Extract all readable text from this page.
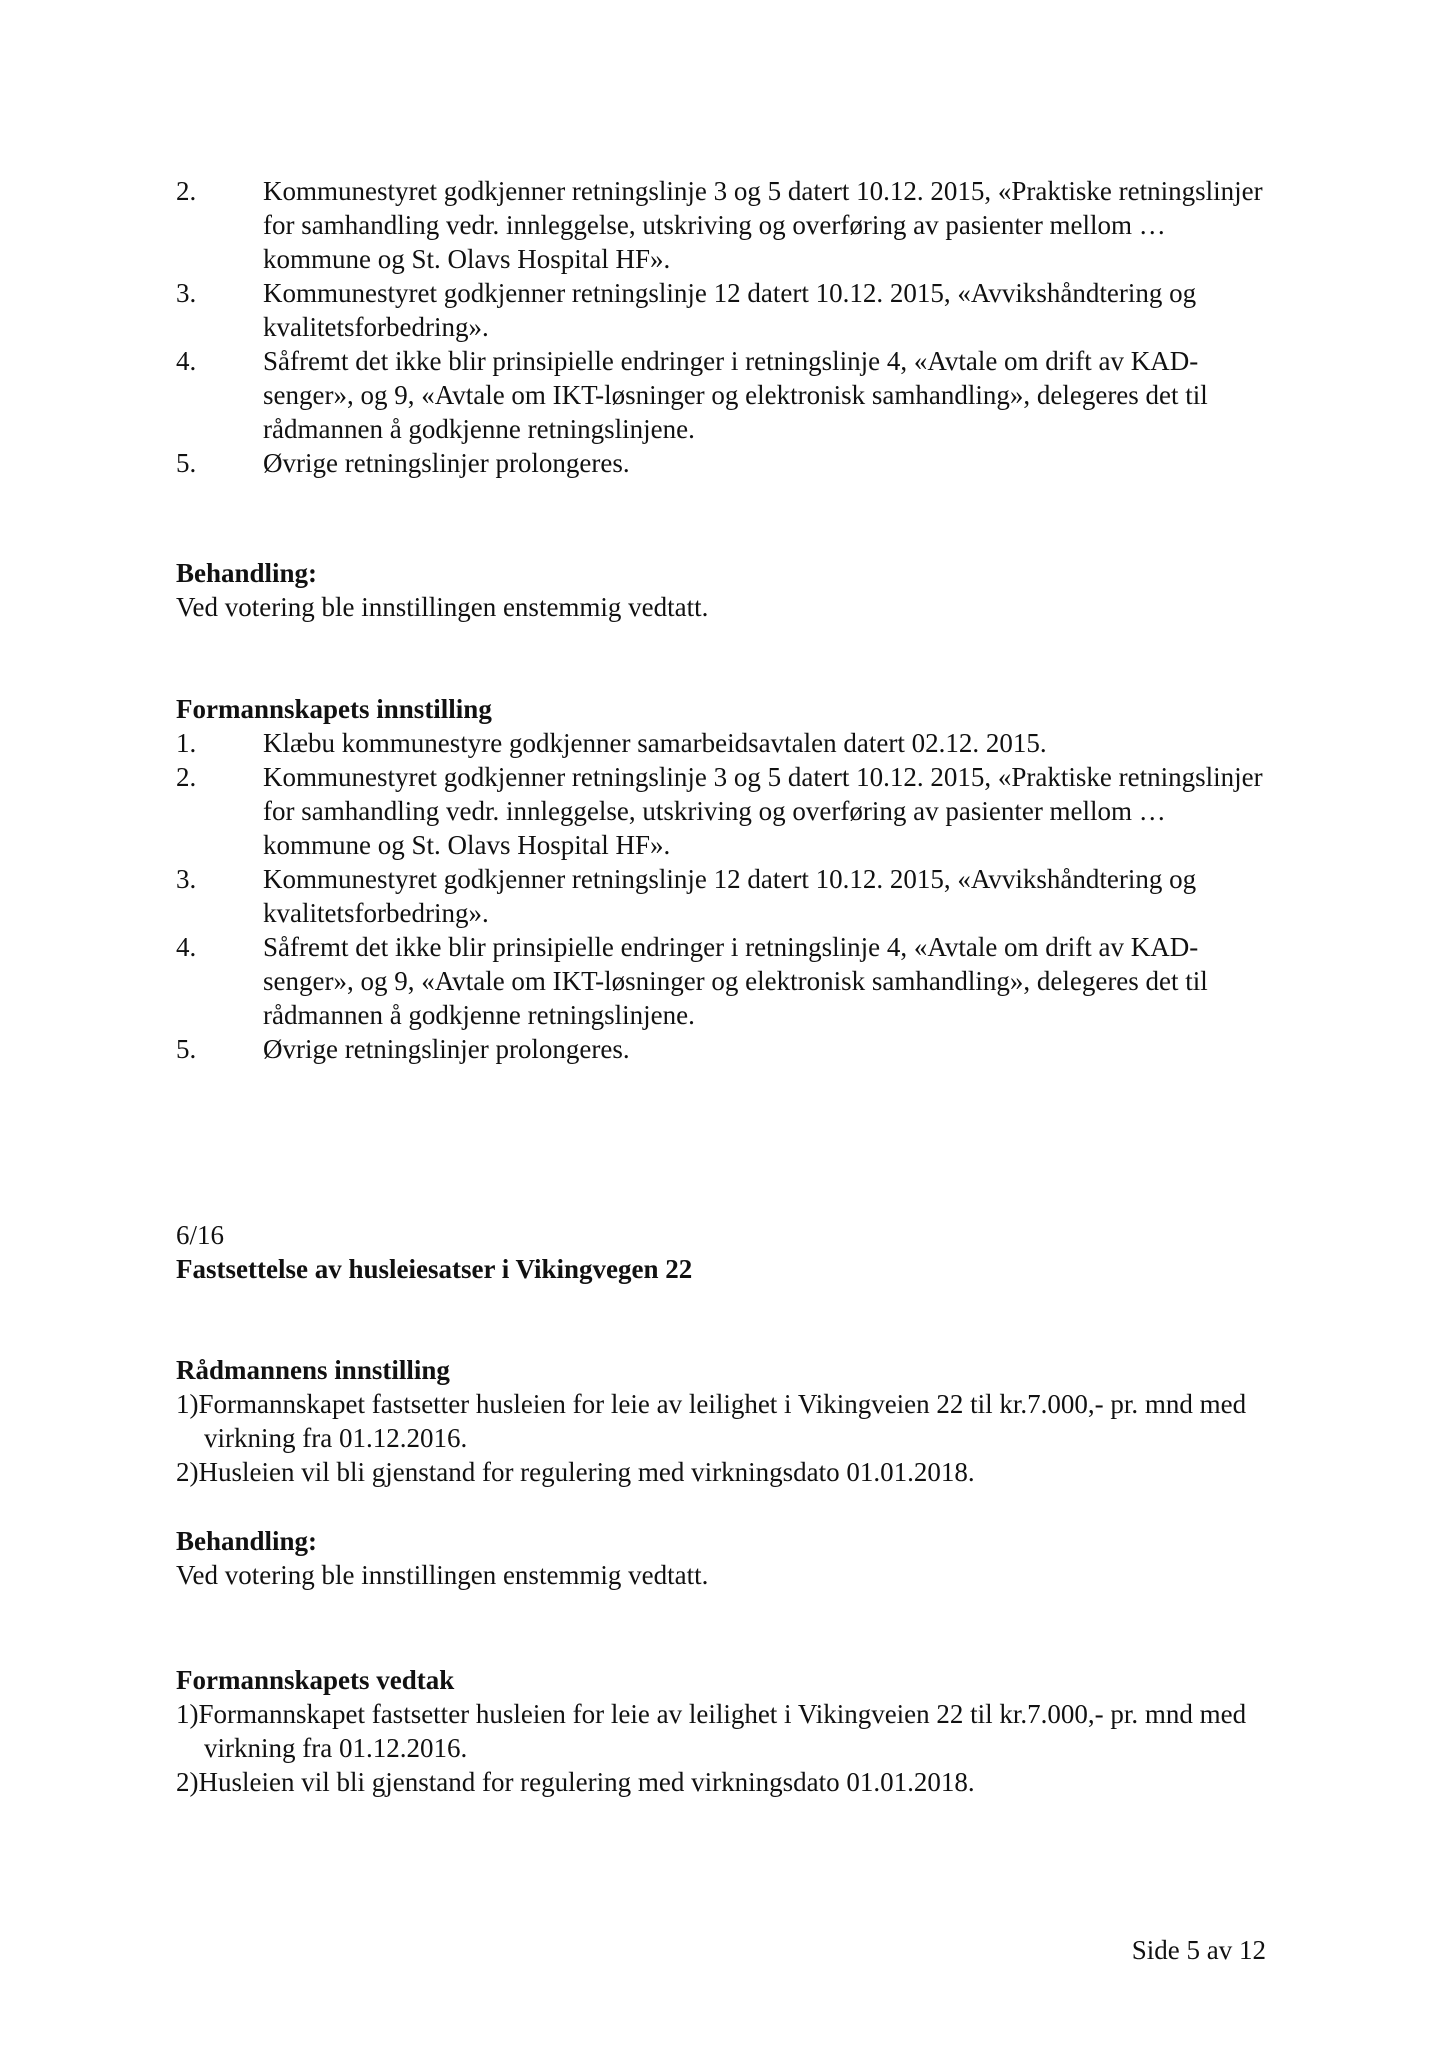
2. Kommunestyret godkjenner retningslinje 3 og 5 datert 10.12. 2015, «Praktiske retningslinjer for samhandling vedr. innleggelse, utskriving og overføring av pasienter mellom … kommune og St. Olavs Hospital HF».
3. Kommunestyret godkjenner retningslinje 12 datert 10.12. 2015, «Avvikshåndtering og kvalitetsforbedring».
4. Såfremt det ikke blir prinsipielle endringer i retningslinje 4, «Avtale om drift av KAD-senger», og 9, «Avtale om IKT-løsninger og elektronisk samhandling», delegeres det til rådmannen å godkjenne retningslinjene.
5. Øvrige retningslinjer prolongeres.
Behandling:
Ved votering ble innstillingen enstemmig vedtatt.
Formannskapets innstilling
1. Klæbu kommunestyre godkjenner samarbeidsavtalen datert 02.12. 2015.
2. Kommunestyret godkjenner retningslinje 3 og 5 datert 10.12. 2015, «Praktiske retningslinjer for samhandling vedr. innleggelse, utskriving og overføring av pasienter mellom … kommune og St. Olavs Hospital HF».
3. Kommunestyret godkjenner retningslinje 12 datert 10.12. 2015, «Avvikshåndtering og kvalitetsforbedring».
4. Såfremt det ikke blir prinsipielle endringer i retningslinje 4, «Avtale om drift av KAD-senger», og 9, «Avtale om IKT-løsninger og elektronisk samhandling», delegeres det til rådmannen å godkjenne retningslinjene.
5. Øvrige retningslinjer prolongeres.
6/16
Fastsettelse av husleiesatser i Vikingvegen 22
Rådmannens innstilling
1)Formannskapet fastsetter husleien for leie av leilighet i Vikingveien 22 til kr.7.000,- pr. mnd med virkning fra 01.12.2016.
2)Husleien vil bli gjenstand for regulering med virkningsdato 01.01.2018.
Behandling:
Ved votering ble innstillingen enstemmig vedtatt.
Formannskapets vedtak
1)Formannskapet fastsetter husleien for leie av leilighet i Vikingveien 22 til kr.7.000,- pr. mnd med virkning fra 01.12.2016.
2)Husleien vil bli gjenstand for regulering med virkningsdato 01.01.2018.
Side 5 av 12
